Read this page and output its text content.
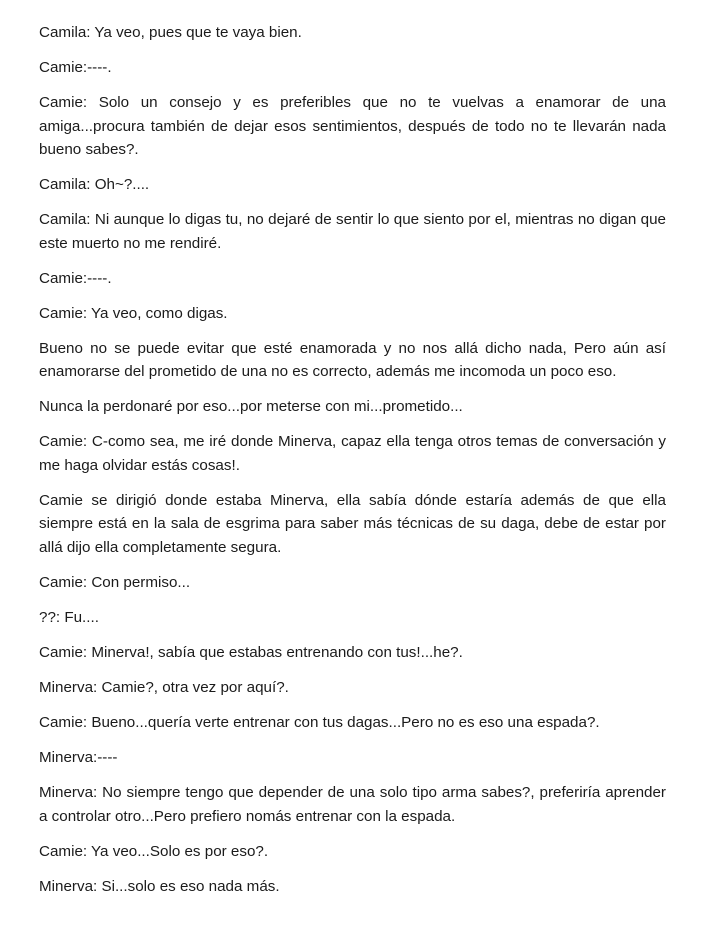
Camila: Ya veo, pues que te vaya bien.

Camie:----.

Camie: Solo un consejo y es preferibles que no te vuelvas a enamorar de una amiga...procura también de dejar esos sentimientos, después de todo no te llevarán nada bueno sabes?.

Camila: Oh~?....

Camila: Ni aunque lo digas tu, no dejaré de sentir lo que siento por el, mientras no digan que este muerto no me rendiré.

Camie:----.

Camie: Ya veo, como digas.

Bueno no se puede evitar que esté enamorada y no nos allá dicho nada, Pero aún así enamorarse del prometido de una no es correcto, además me incomoda un poco eso.

Nunca la perdonaré por eso...por meterse con mi...prometido...

Camie: C-como sea, me iré donde Minerva, capaz ella tenga otros temas de conversación y me haga olvidar estás cosas!.

Camie se dirigió donde estaba Minerva, ella sabía dónde estaría además de que ella siempre está en la sala de esgrima para saber más técnicas de su daga, debe de estar por allá dijo ella completamente segura.

Camie: Con permiso...

??: Fu....

Camie: Minerva!, sabía que estabas entrenando con tus!...he?.

Minerva: Camie?, otra vez por aquí?.

Camie: Bueno...quería verte entrenar con tus dagas...Pero no es eso una espada?.

Minerva:----

Minerva: No siempre tengo que depender de una solo tipo arma sabes?, preferiría aprender a controlar otro...Pero prefiero nomás entrenar con la espada.

Camie: Ya veo...Solo es por eso?.

Minerva: Si...solo es eso nada más.
